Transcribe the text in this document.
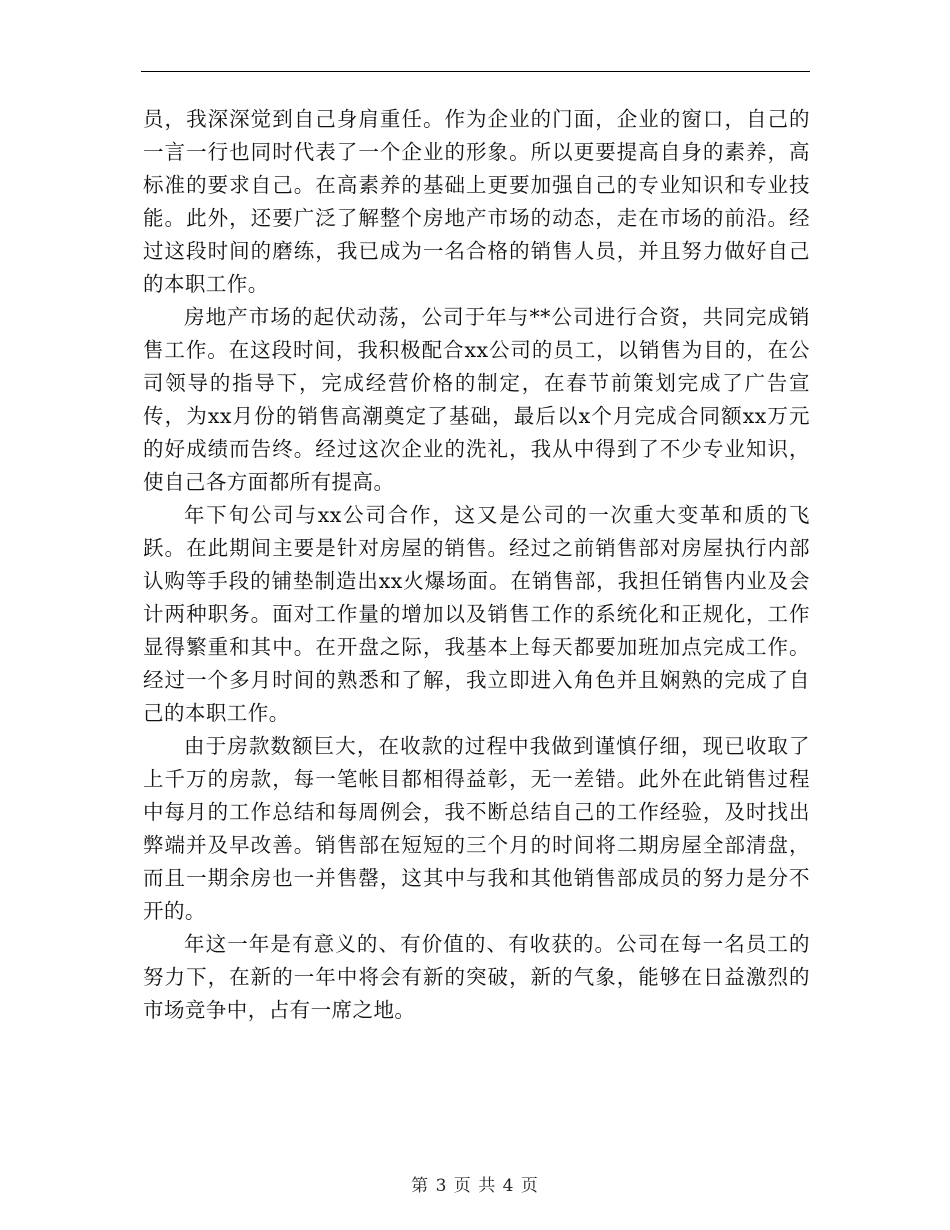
员，我深深觉到自己身肩重任。作为企业的门面，企业的窗口，自己的一言一行也同时代表了一个企业的形象。所以更要提高自身的素养，高标准的要求自己。在高素养的基础上更要加强自己的专业知识和专业技能。此外，还要广泛了解整个房地产市场的动态，走在市场的前沿。经过这段时间的磨练，我已成为一名合格的销售人员，并且努力做好自己的本职工作。

房地产市场的起伏动荡，公司于年与**公司进行合资，共同完成销售工作。在这段时间，我积极配合xx公司的员工，以销售为目的，在公司领导的指导下，完成经营价格的制定，在春节前策划完成了广告宣传，为xx月份的销售高潮奠定了基础，最后以x个月完成合同额xx万元的好成绩而告终。经过这次企业的洗礼，我从中得到了不少专业知识，使自己各方面都所有提高。

年下旬公司与xx公司合作，这又是公司的一次重大变革和质的飞跃。在此期间主要是针对房屋的销售。经过之前销售部对房屋执行内部认购等手段的铺垫制造出xx火爆场面。在销售部，我担任销售内业及会计两种职务。面对工作量的增加以及销售工作的系统化和正规化，工作显得繁重和其中。在开盘之际，我基本上每天都要加班加点完成工作。经过一个多月时间的熟悉和了解，我立即进入角色并且娴熟的完成了自己的本职工作。

由于房款数额巨大，在收款的过程中我做到谨慎仔细，现已收取了上千万的房款，每一笔帐目都相得益彰，无一差错。此外在此销售过程中每月的工作总结和每周例会，我不断总结自己的工作经验，及时找出弊端并及早改善。销售部在短短的三个月的时间将二期房屋全部清盘，而且一期余房也一并售罄，这其中与我和其他销售部成员的努力是分不开的。

年这一年是有意义的、有价值的、有收获的。公司在每一名员工的努力下，在新的一年中将会有新的突破，新的气象，能够在日益激烈的市场竞争中，占有一席之地。

第 3 页 共 4 页
